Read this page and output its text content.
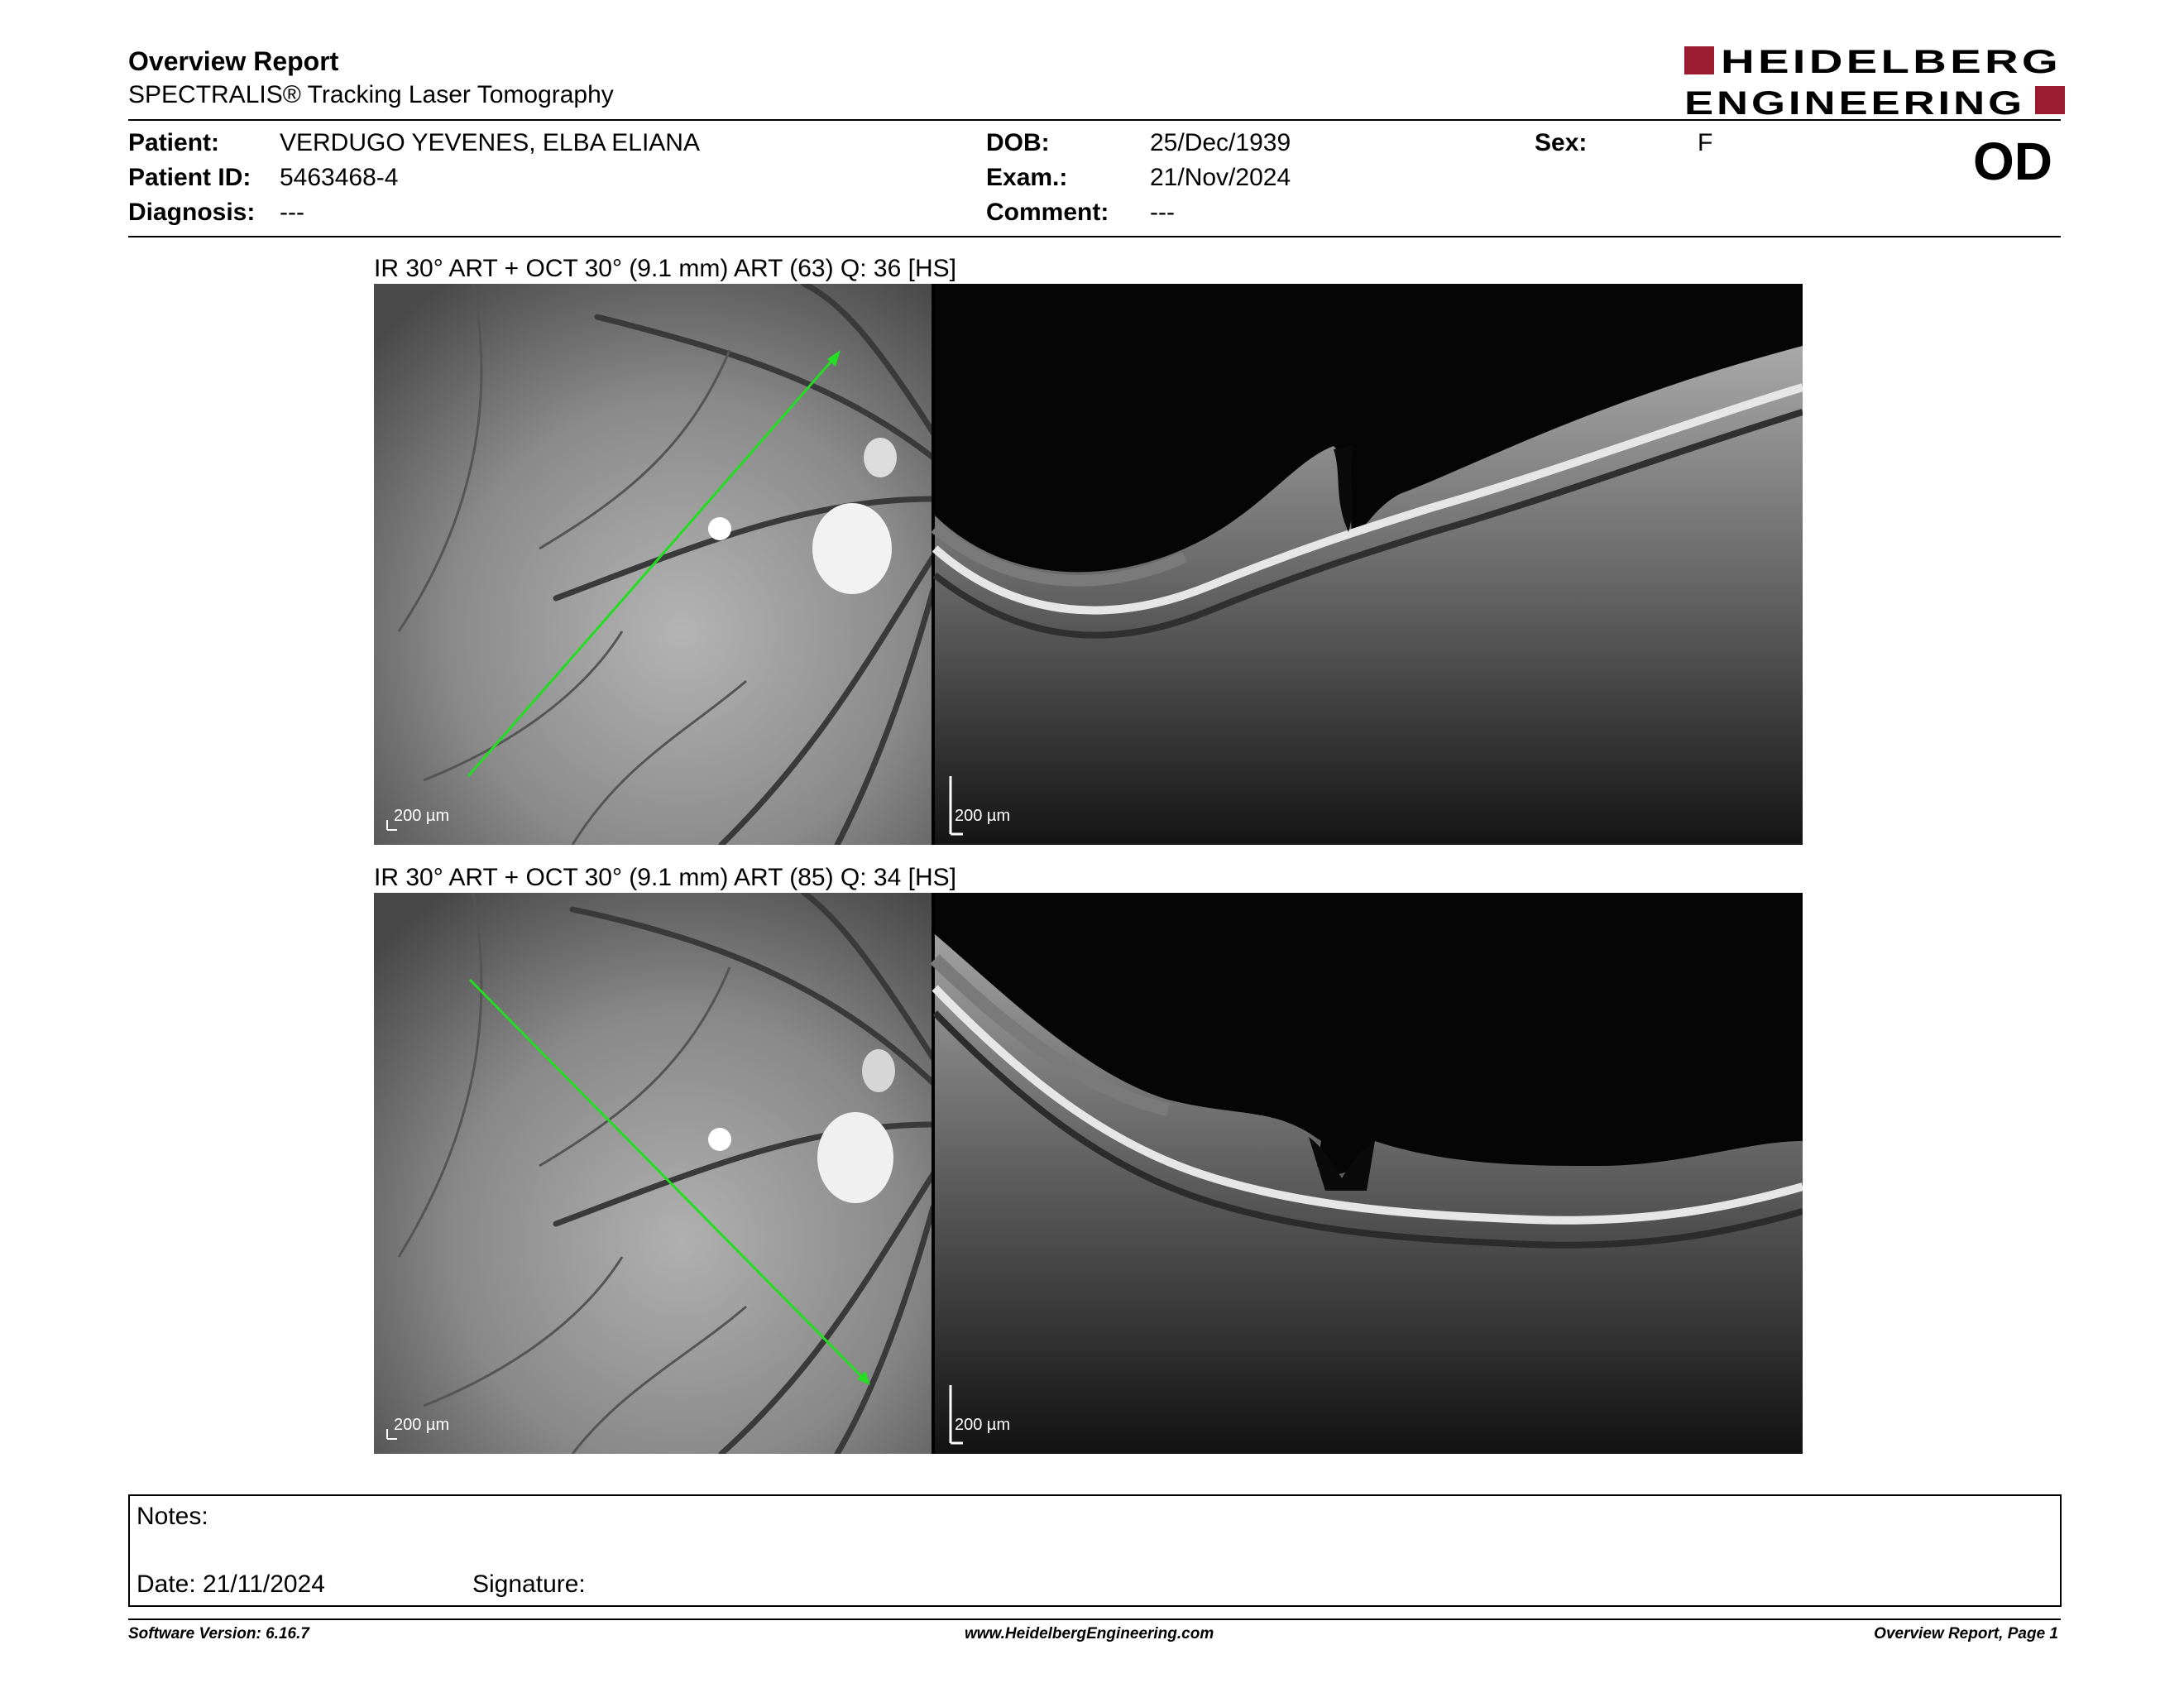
Overview Report
SPECTRALIS® Tracking Laser Tomography
HEIDELBERG
ENGINEERING
Patient: VERDUGO YEVENES, ELBA ELIANA
Patient ID: 5463468-4
Diagnosis: ---
DOB:	25/Dec/1939
Exam.:	21/Nov/2024
Comment: ---
Sex:	F	OD
IR 30° ART + OCT 30° (9.1 mm) ART (63) Q: 36 [HS]
200 µm	200 µm
IR 30° ART + OCT 30° (9.1 mm) ART (85) Q: 34 [HS]
200 µm	200 µm
Notes:
Date: 21/11/2024	Signature:
Software Version: 6.16.7	www.HeidelbergEngineering.com	Overview Report, Page 1
